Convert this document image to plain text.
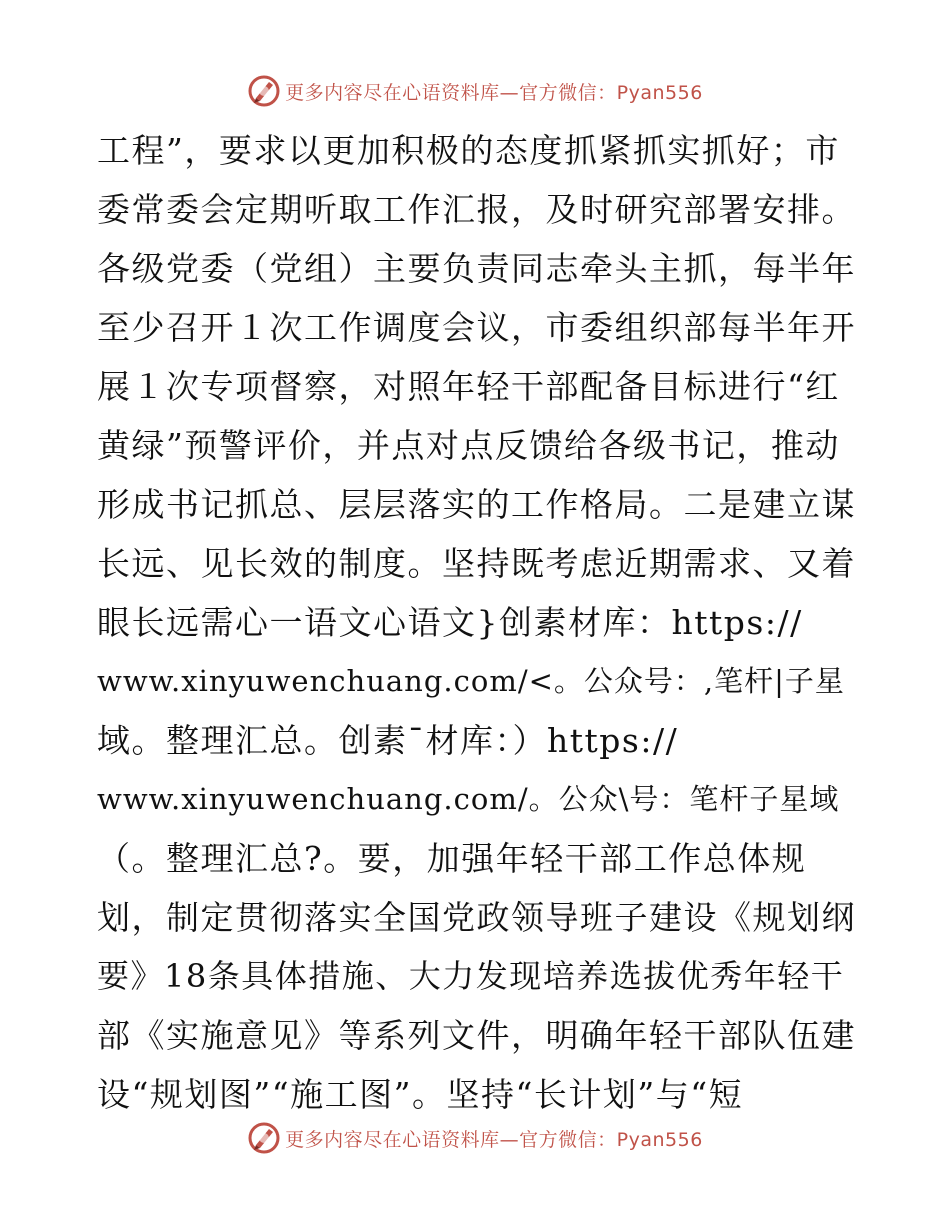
更多内容尽在心语资料库—官方微信：Pyan556
工程”，要求以更加积极的态度抓紧抓实抓好；市
委常委会定期听取工作汇报，及时研究部署安排。
各级党委（党组）主要负责同志牵头主抓，每半年
至少召开１次工作调度会议，市委组织部每半年开
展１次专项督察，对照年轻干部配备目标进行“红
黄绿”预警评价，并点对点反馈给各级书记，推动
形成书记抓总、层层落实的工作格局。二是建立谋
长远、见长效的制度。坚持既考虑近期需求、又着
眼长远需心一语文心语文}创素材库：https://
www.xinyuwenchuang.com/<。公众号：,笔杆|子星
域。整理汇总。创素¯材库：）https://
www.xinyuwenchuang.com/。公众\号：笔杆子星域
（。整理汇总?。要，加强年轻干部工作总体规
划，制定贯彻落实全国党政领导班子建设《规划纲
要》18条具体措施、大力发现培养选拔优秀年轻干
部《实施意见》等系列文件，明确年轻干部队伍建
设“规划图”“施工图”。坚持“长计划”与“短
更多内容尽在心语资料库—官方微信：Pyan556
